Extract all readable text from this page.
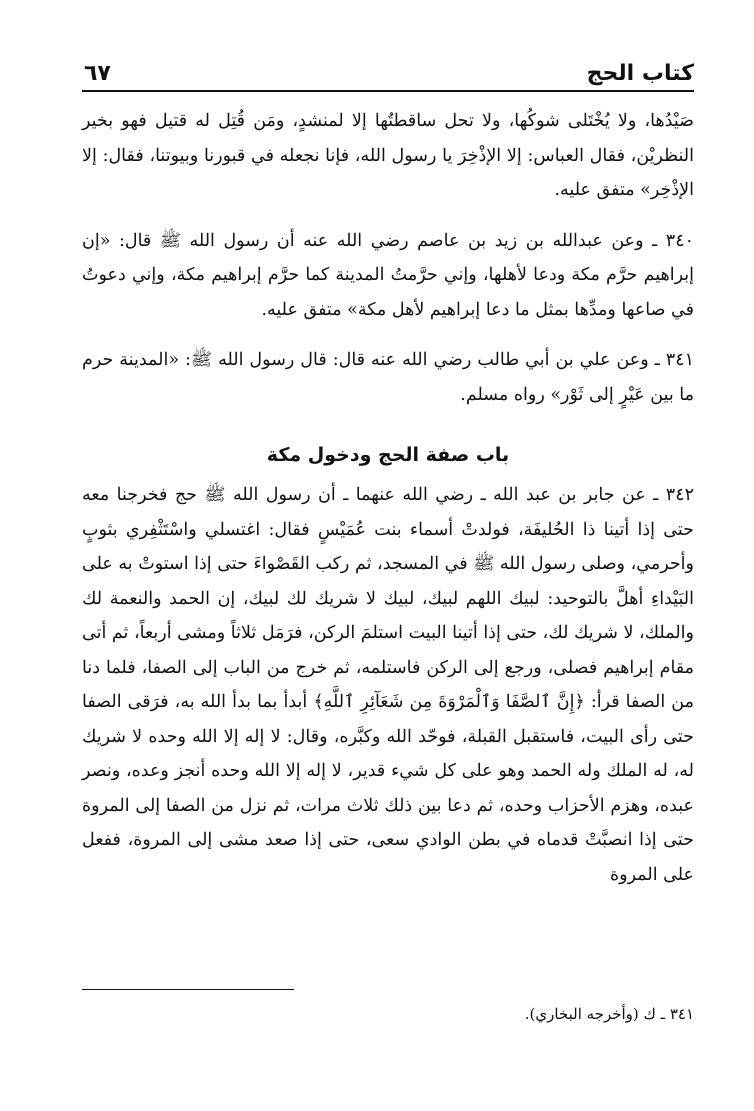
كتاب الحج
٦٧

صَيْدُها، ولا يُخْتَلى شوكُها، ولا تحل ساقطتُها إلا لمنشدٍ، ومَن قُتِل له قتيل فهو بخير النظريْن، فقال العباس: إلا الإذْخِرَ يا رسول الله، فإنا نجعله في قبورنا وبيوتنا، فقال: إلا الإذْخِر» متفق عليه.

٣٤٠ ـ وعن عبدالله بن زيد بن عاصم رضي الله عنه أن رسول الله ﷺ قال: «إن إبراهيم حرَّم مكة ودعا لأهلها، وإني حرَّمتُ المدينة كما حرَّم إبراهيم مكة، وإني دعوتُ في صاعها ومدِّها بمثل ما دعا إبراهيم لأهل مكة» متفق عليه.

٣٤١ ـ وعن علي بن أبي طالب رضي الله عنه قال: قال رسول الله ﷺ: «المدينة حرم ما بين عَيْرٍ إلى ثَوْر» رواه مسلم.

باب صفة الحج ودخول مكة

٣٤٢ ـ عن جابر بن عبد الله ـ رضي الله عنهما ـ أن رسول الله ﷺ حج فخرجنا معه حتى إذا أتينا ذا الحُليفَة، فولدتْ أسماء بنت عُمَيْسٍ فقال: اغتسلي واسْتَثْفِري بثوبٍ وأحرمي، وصلى رسول الله ﷺ في المسجد، ثم ركب القَصْواءَ حتى إذا استوتْ به على البَيْداءِ أهلَّ بالتوحيد: لبيك اللهم لبيك، لبيك لا شريك لك لبيك، إن الحمد والنعمة لك والملك، لا شريك لك، حتى إذا أتينا البيت استلمَ الركن، فرَمَل ثلاثاً ومشى أربعاً، ثم أتى مقام إبراهيم فصلى، ورجع إلى الركن فاستلمه، ثم خرج من الباب إلى الصفا، فلما دنا من الصفا قرأ: ﴿إِنَّ ٱلصَّفَا وَٱلْمَرْوَةَ مِن شَعَآئِرِ ٱللَّهِ﴾ أبدأ بما بدأ الله به، فرَقى الصفا حتى رأى البيت، فاستقبل القبلة، فوحّد الله وكبَّره، وقال: لا إله إلا الله وحده لا شريك له، له الملك وله الحمد وهو على كل شيء قدير، لا إله إلا الله وحده أنجز وعده، ونصر عبده، وهزم الأحزاب وحده، ثم دعا بين ذلك ثلاث مرات، ثم نزل من الصفا إلى المروة حتى إذا انصبَّتْ قدماه في بطن الوادي سعى، حتى إذا صعد مشى إلى المروة، ففعل على المروة

٣٤١ ـ ك (وأخرجه البخاري).
